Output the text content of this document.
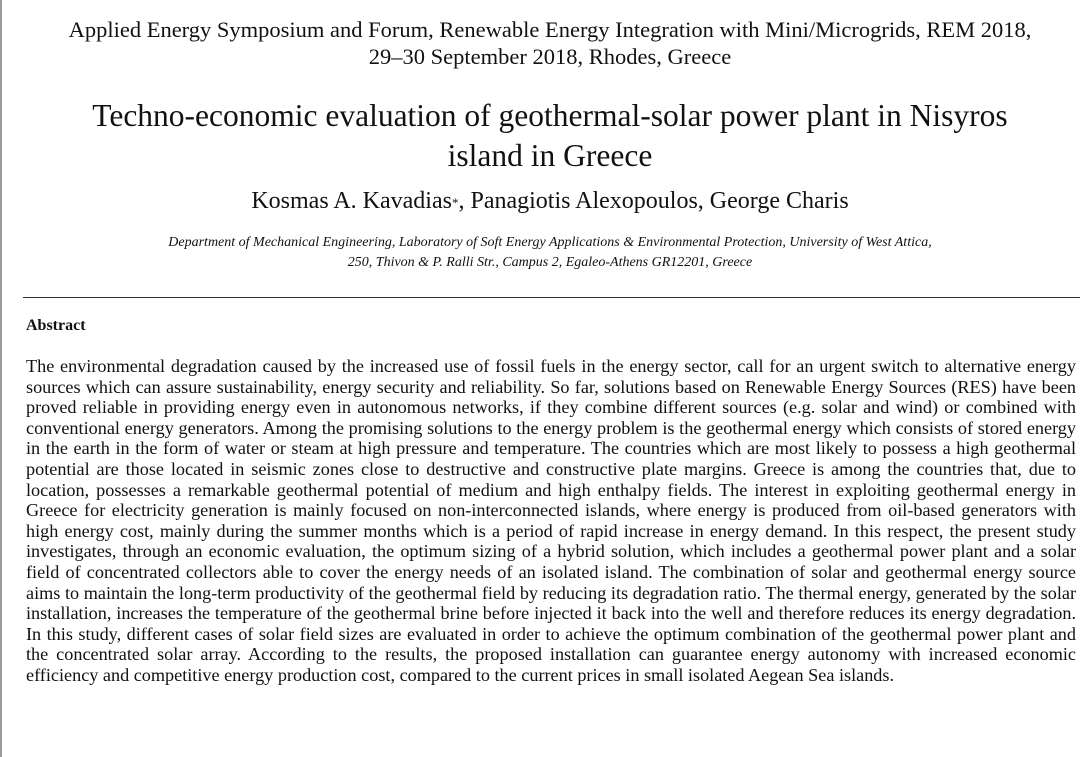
Applied Energy Symposium and Forum, Renewable Energy Integration with Mini/Microgrids, REM 2018,
29–30 September 2018, Rhodes, Greece
Techno-economic evaluation of geothermal-solar power plant in Nisyros
island in Greece
Kosmas A. Kavadias*, Panagiotis Alexopoulos, George Charis
Department of Mechanical Engineering, Laboratory of Soft Energy Applications & Environmental Protection, University of West Attica,
250, Thivon & P. Ralli Str., Campus 2, Egaleo-Athens GR12201, Greece
Abstract

The environmental degradation caused by the increased use of fossil fuels in the energy sector, call for an urgent switch to alternative energy sources which can assure sustainability, energy security and reliability. So far, solutions based on Renewable Energy Sources (RES) have been proved reliable in providing energy even in autonomous networks, if they combine different sources (e.g. solar and wind) or combined with conventional energy generators. Among the promising solutions to the energy problem is the geothermal energy which consists of stored energy in the earth in the form of water or steam at high pressure and temperature. The countries which are most likely to possess a high geothermal potential are those located in seismic zones close to destructive and constructive plate margins. Greece is among the countries that, due to location, possesses a remarkable geothermal potential of medium and high enthalpy fields. The interest in exploiting geothermal energy in Greece for electricity generation is mainly focused on non-interconnected islands, where energy is produced from oil-based generators with high energy cost, mainly during the summer months which is a period of rapid increase in energy demand. In this respect, the present study investigates, through an economic evaluation, the optimum sizing of a hybrid solution, which includes a geothermal power plant and a solar field of concentrated collectors able to cover the energy needs of an isolated island. The combination of solar and geothermal energy source aims to maintain the long-term productivity of the geothermal field by reducing its degradation ratio. The thermal energy, generated by the solar installation, increases the temperature of the geothermal brine before injected it back into the well and therefore reduces its energy degradation. In this study, different cases of solar field sizes are evaluated in order to achieve the optimum combination of the geothermal power plant and the concentrated solar array. According to the results, the proposed installation can guarantee energy autonomy with increased economic efficiency and competitive energy production cost, compared to the current prices in small isolated Aegean Sea islands.
